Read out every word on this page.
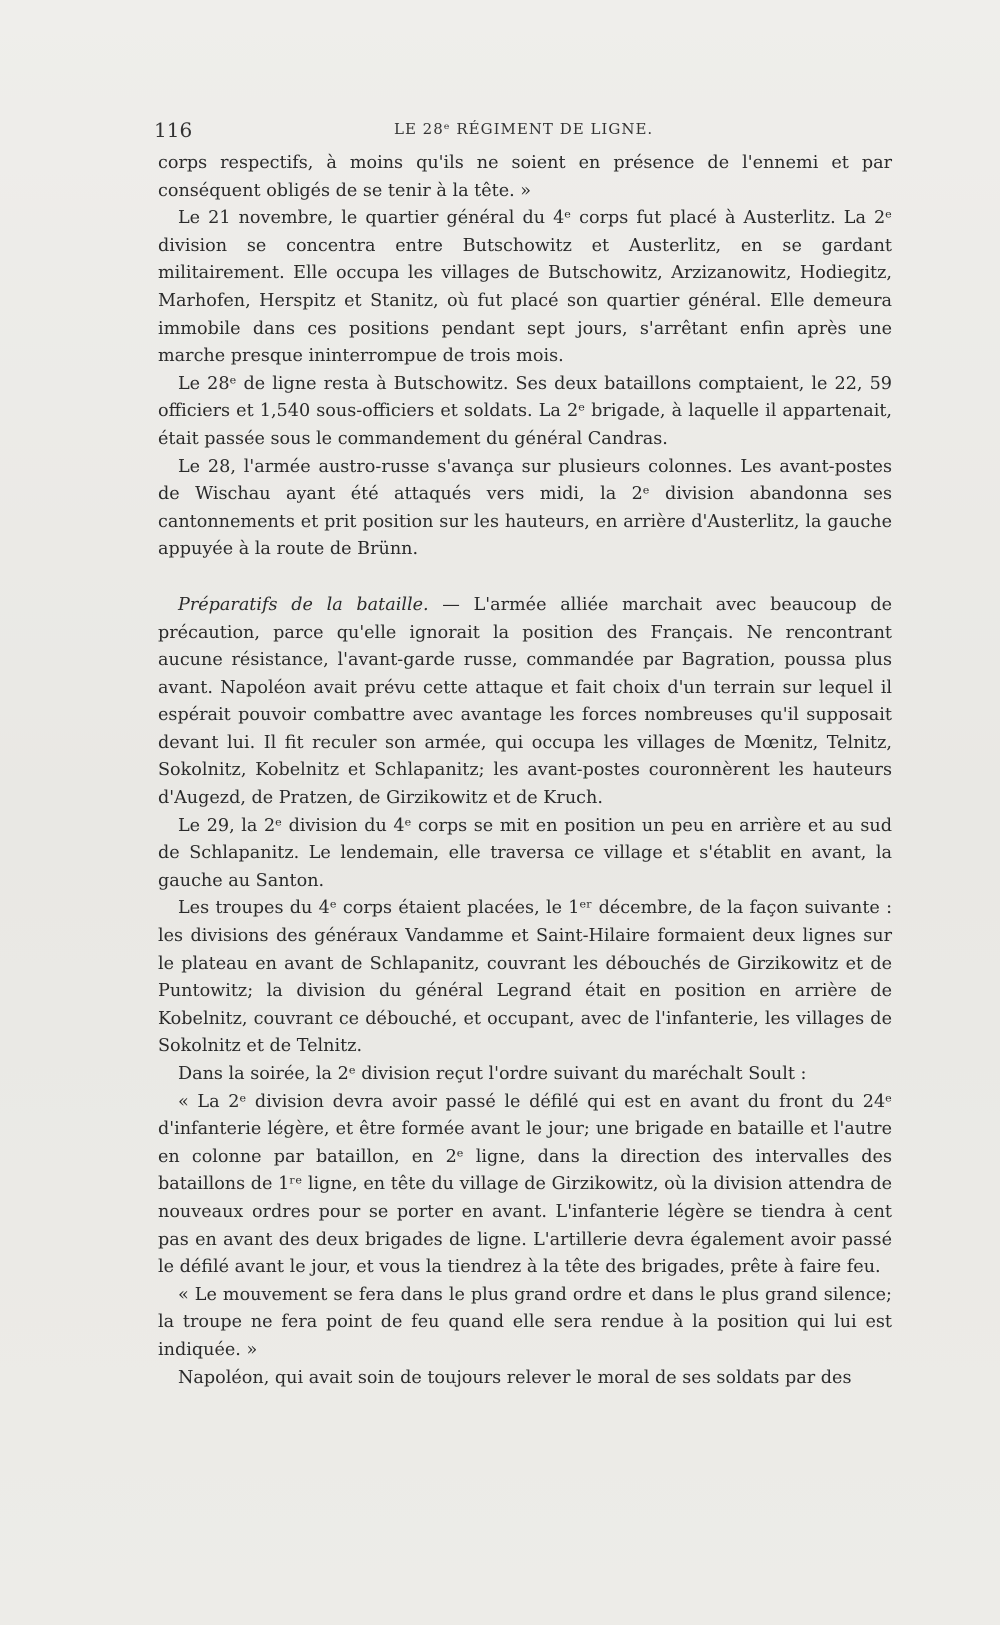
116	LE 28ᵉ RÉGIMENT DE LIGNE.

corps respectifs, à moins qu'ils ne soient en présence de l'ennemi et par conséquent obligés de se tenir à la tête. »

Le 21 novembre, le quartier général du 4ᵉ corps fut placé à Austerlitz. La 2ᵉ division se concentra entre Butschowitz et Austerlitz, en se gardant militairement. Elle occupa les villages de Butschowitz, Arzizanowitz, Hodiegitz, Marhofen, Herspitz et Stanitz, où fut placé son quartier général. Elle demeura immobile dans ces positions pendant sept jours, s'arrêtant enfin après une marche presque ininterrompue de trois mois.

Le 28ᵉ de ligne resta à Butschowitz. Ses deux bataillons comptaient, le 22, 59 officiers et 1,540 sous-officiers et soldats. La 2ᵉ brigade, à laquelle il appartenait, était passée sous le commandement du général Candras.

Le 28, l'armée austro-russe s'avança sur plusieurs colonnes. Les avant-postes de Wischau ayant été attaqués vers midi, la 2ᵉ division abandonna ses cantonnements et prit position sur les hauteurs, en arrière d'Austerlitz, la gauche appuyée à la route de Brünn.

Préparatifs de la bataille. — L'armée alliée marchait avec beaucoup de précaution, parce qu'elle ignorait la position des Français. Ne rencontrant aucune résistance, l'avant-garde russe, commandée par Bagration, poussa plus avant. Napoléon avait prévu cette attaque et fait choix d'un terrain sur lequel il espérait pouvoir combattre avec avantage les forces nombreuses qu'il supposait devant lui. Il fit reculer son armée, qui occupa les villages de Mœnitz, Telnitz, Sokolnitz, Kobelnitz et Schlapanitz; les avant-postes couronnèrent les hauteurs d'Augezd, de Pratzen, de Girzikowitz et de Kruch.

Le 29, la 2ᵉ division du 4ᵉ corps se mit en position un peu en arrière et au sud de Schlapanitz. Le lendemain, elle traversa ce village et s'établit en avant, la gauche au Santon.

Les troupes du 4ᵉ corps étaient placées, le 1ᵉʳ décembre, de la façon suivante : les divisions des généraux Vandamme et Saint-Hilaire formaient deux lignes sur le plateau en avant de Schlapanitz, couvrant les débouchés de Girzikowitz et de Puntowitz; la division du général Legrand était en position en arrière de Kobelnitz, couvrant ce débouché, et occupant, avec de l'infanterie, les villages de Sokolnitz et de Telnitz.

Dans la soirée, la 2ᵉ division reçut l'ordre suivant du maréchalt Soult :

« La 2ᵉ division devra avoir passé le défilé qui est en avant du front du 24ᵉ d'infanterie légère, et être formée avant le jour; une brigade en bataille et l'autre en colonne par bataillon, en 2ᵉ ligne, dans la direction des intervalles des bataillons de 1ʳᵉ ligne, en tête du village de Girzikowitz, où la division attendra de nouveaux ordres pour se porter en avant. L'infanterie légère se tiendra à cent pas en avant des deux brigades de ligne. L'artillerie devra également avoir passé le défilé avant le jour, et vous la tiendrez à la tête des brigades, prête à faire feu.

« Le mouvement se fera dans le plus grand ordre et dans le plus grand silence; la troupe ne fera point de feu quand elle sera rendue à la position qui lui est indiquée. »

Napoléon, qui avait soin de toujours relever le moral de ses soldats par des
